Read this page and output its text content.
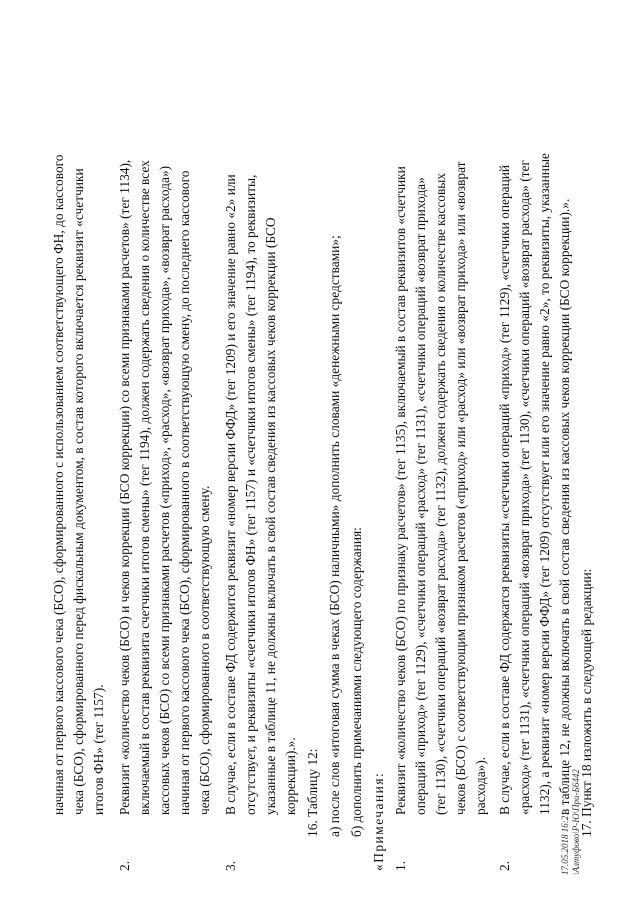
начиная от первого кассового чека (БСО), сформированного с использованием соответствующего ФН, до кассового чека (БСО), сформированного перед фискальным документом, в состав которого включается реквизит «счетчики итогов ФН» (тег 1157).
2.
Реквизит «количество чеков (БСО) и чеков коррекции (БСО коррекции) со всеми признаками расчетов» (тег 1134), включаемый в состав реквизита счетчики итогов смены» (тег 1194), должен содержать сведения о количестве всех кассовых чеков (БСО) со всеми признаками расчетов («приход», «расход», «возврат прихода», «возврат расхода») начиная от первого кассового чека (БСО), сформированного в соответствующую смену, до последнего кассового чека (БСО), сформированного в соответствующую смену.
3.
В случае, если в составе ФД содержится реквизит «номер версии ФФД» (тег 1209) и его значение равно «2» или отсутствует, и реквизиты «счетчики итогов ФН» (тег 1157) и «счетчики итогов смены» (тег 1194), то реквизиты, указанные в таблице 11, не должны включать в свой состав сведения из кассовых чеков коррекции (БСО коррекции).». 16. Таблицу 12: а) после слов «итоговая сумма в чеках (БСО) наличными» дополнить словами «денежными средствами»; б) дополнить примечаниями следующего содержания: «Примечания: 1.
Реквизит «количество чеков (БСО) по признаку расчетов» (тег 1135), включаемый в состав реквизитов «счетчики операций «приход» (тег 1129), «счетчики операций «расход» (тег 1131), «счетчики операций «возврат прихода» (тег 1130), «счетчики операций «возврат расхода» (тег 1132), должен содержать сведения о количестве кассовых чеков (БСО) с соответствующим признаком расчетов («приход» или «расход» или «возврат прихода» или «возврат расхода»).
2.
В случае, если в составе ФД содержатся реквизиты «счетчики операций «приход» (тег 1129), «счетчики операций «расход» (тег 1131), «счетчики операций «возврат прихода» (тег 1130), «счетчики операций «возврат расхода» (тег 1132), а реквизит «номер версии ФФД» (тег 1209) отсутствует или его значение равно «2», то реквизиты, указанные в таблице 12, не должны включать в свой состав сведения из кассовых чеков коррекции (БСО коррекции).». 17. Пункт 18 изложить в следующей редакции:
17.05.2018 16:21 \Алтуфово\Р-Ю\При-Б6442
